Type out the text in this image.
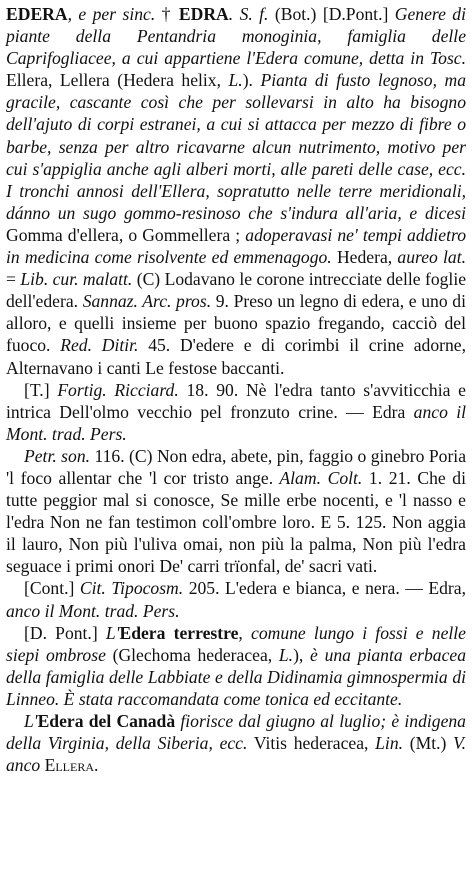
EDERA, e per sinc. † EDRA. S. f. (Bot.) [D.Pont.] Genere di piante della Pentandria monoginia, famiglia delle Caprifogliacee, a cui appartiene l'Edera comune, detta in Tosc. Ellera, Lellera (Hedera helix, L.). Pianta di fusto legnoso, ma gracile, cascante così che per sollevarsi in alto ha bisogno dell'ajuto di corpi estranei, a cui si attacca per mezzo di fibre o barbe, senza per altro ricavarne alcun nutrimento, motivo per cui s'appiglia anche agli alberi morti, alle pareti delle case, ecc. I tronchi annosi dell'Ellera, sopratutto nelle terre meridionali, dánno un sugo gommo-resinoso che s'indura all'aria, e dicesi Gomma d'ellera, o Gommellera ; adoperavasi ne' tempi addietro in medicina come risolvente ed emmenagogo. Hedera, aureo lat. = Lib. cur. malatt. (C) Lodavano le corone intrecciate delle foglie dell'edera. Sannaz. Arc. pros. 9. Preso un legno di edera, e uno di alloro, e quelli insieme per buono spazio fregando, cacciò del fuoco. Red. Ditir. 45. D'edere e di corimbi il crine adorne, Alternavano i canti Le festose baccanti.

[T.] Fortig. Ricciard. 18. 90. Nè l'edra tanto s'avviticchia e intrica Dell'olmo vecchio pel fronzuto crine. — Edra anco il Mont. trad. Pers.

Petr. son. 116. (C) Non edra, abete, pin, faggio o ginebro Poria 'l foco allentar che 'l cor tristo ange. Alam. Colt. 1. 21. Che di tutte peggior mal si conosce, Se mille erbe nocenti, e 'l nasso e l'edra Non ne fan testimon coll'ombre loro. E 5. 125. Non aggia il lauro, Non più l'uliva omai, non più la palma, Non più l'edra seguace i primi onori De' carri trïonfal, de' sacri vati.

[Cont.] Cit. Tipocosm. 205. L'edera e bianca, e nera. — Edra, anco il Mont. trad. Pers.

[D. Pont.] L'Edera terrestre, comune lungo i fossi e nelle siepi ombrose (Glechoma hederacea, L.), è una pianta erbacea della famiglia delle Labbiate e della Didinamia gimnospermia di Linneo. È stata raccomandata come tonica ed eccitante.

L'Edera del Canadà fiorisce dal giugno al luglio; è indigena della Virginia, della Siberia, ecc. Vitis hederacea, Lin. (Mt.) V. anco Ellera.
